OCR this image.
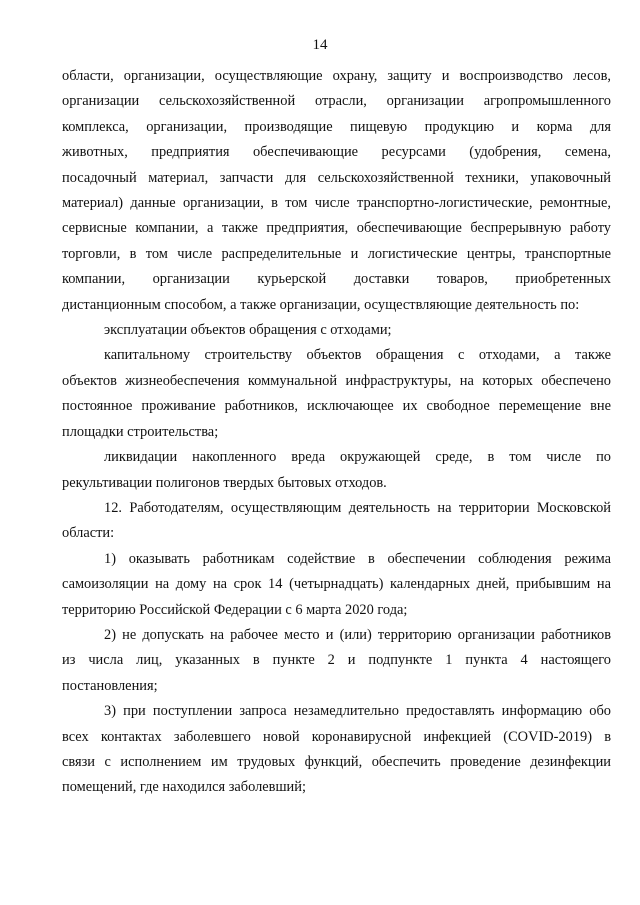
14

области, организации, осуществляющие охрану, защиту и воспроизводство лесов,
организации сельскохозяйственной отрасли, организации агропромышленного
комплекса, организации, производящие пищевую продукцию и корма для
животных, предприятия обеспечивающие ресурсами (удобрения, семена,
посадочный материал, запчасти для сельскохозяйственной техники, упаковочный
материал) данные организации, в том числе транспортно-логистические, ремонтные,
сервисные компании, а также предприятия, обеспечивающие беспрерывную работу
торговли, в том числе распределительные и логистические центры, транспортные
компании, организации курьерской доставки товаров, приобретенных
дистанционным способом, а также организации, осуществляющие деятельность по:

эксплуатации объектов обращения с отходами;

капитальному строительству объектов обращения с отходами, а также
объектов жизнеобеспечения коммунальной инфраструктуры, на которых обеспечено
постоянное проживание работников, исключающее их свободное перемещение вне
площадки строительства;

ликвидации накопленного вреда окружающей среде, в том числе по
рекультивации полигонов твердых бытовых отходов.

12. Работодателям, осуществляющим деятельность на территории Московской
области:

1) оказывать работникам содействие в обеспечении соблюдения режима
самоизоляции на дому на срок 14 (четырнадцать) календарных дней, прибывшим на
территорию Российской Федерации с 6 марта 2020 года;

2) не допускать на рабочее место и (или) территорию организации работников
из числа лиц, указанных в пункте 2 и подпункте 1 пункта 4 настоящего
постановления;

3) при поступлении запроса незамедлительно предоставлять информацию обо
всех контактах заболевшего новой коронавирусной инфекцией (COVID-2019) в
связи с исполнением им трудовых функций, обеспечить проведение дезинфекции
помещений, где находился заболевший;
